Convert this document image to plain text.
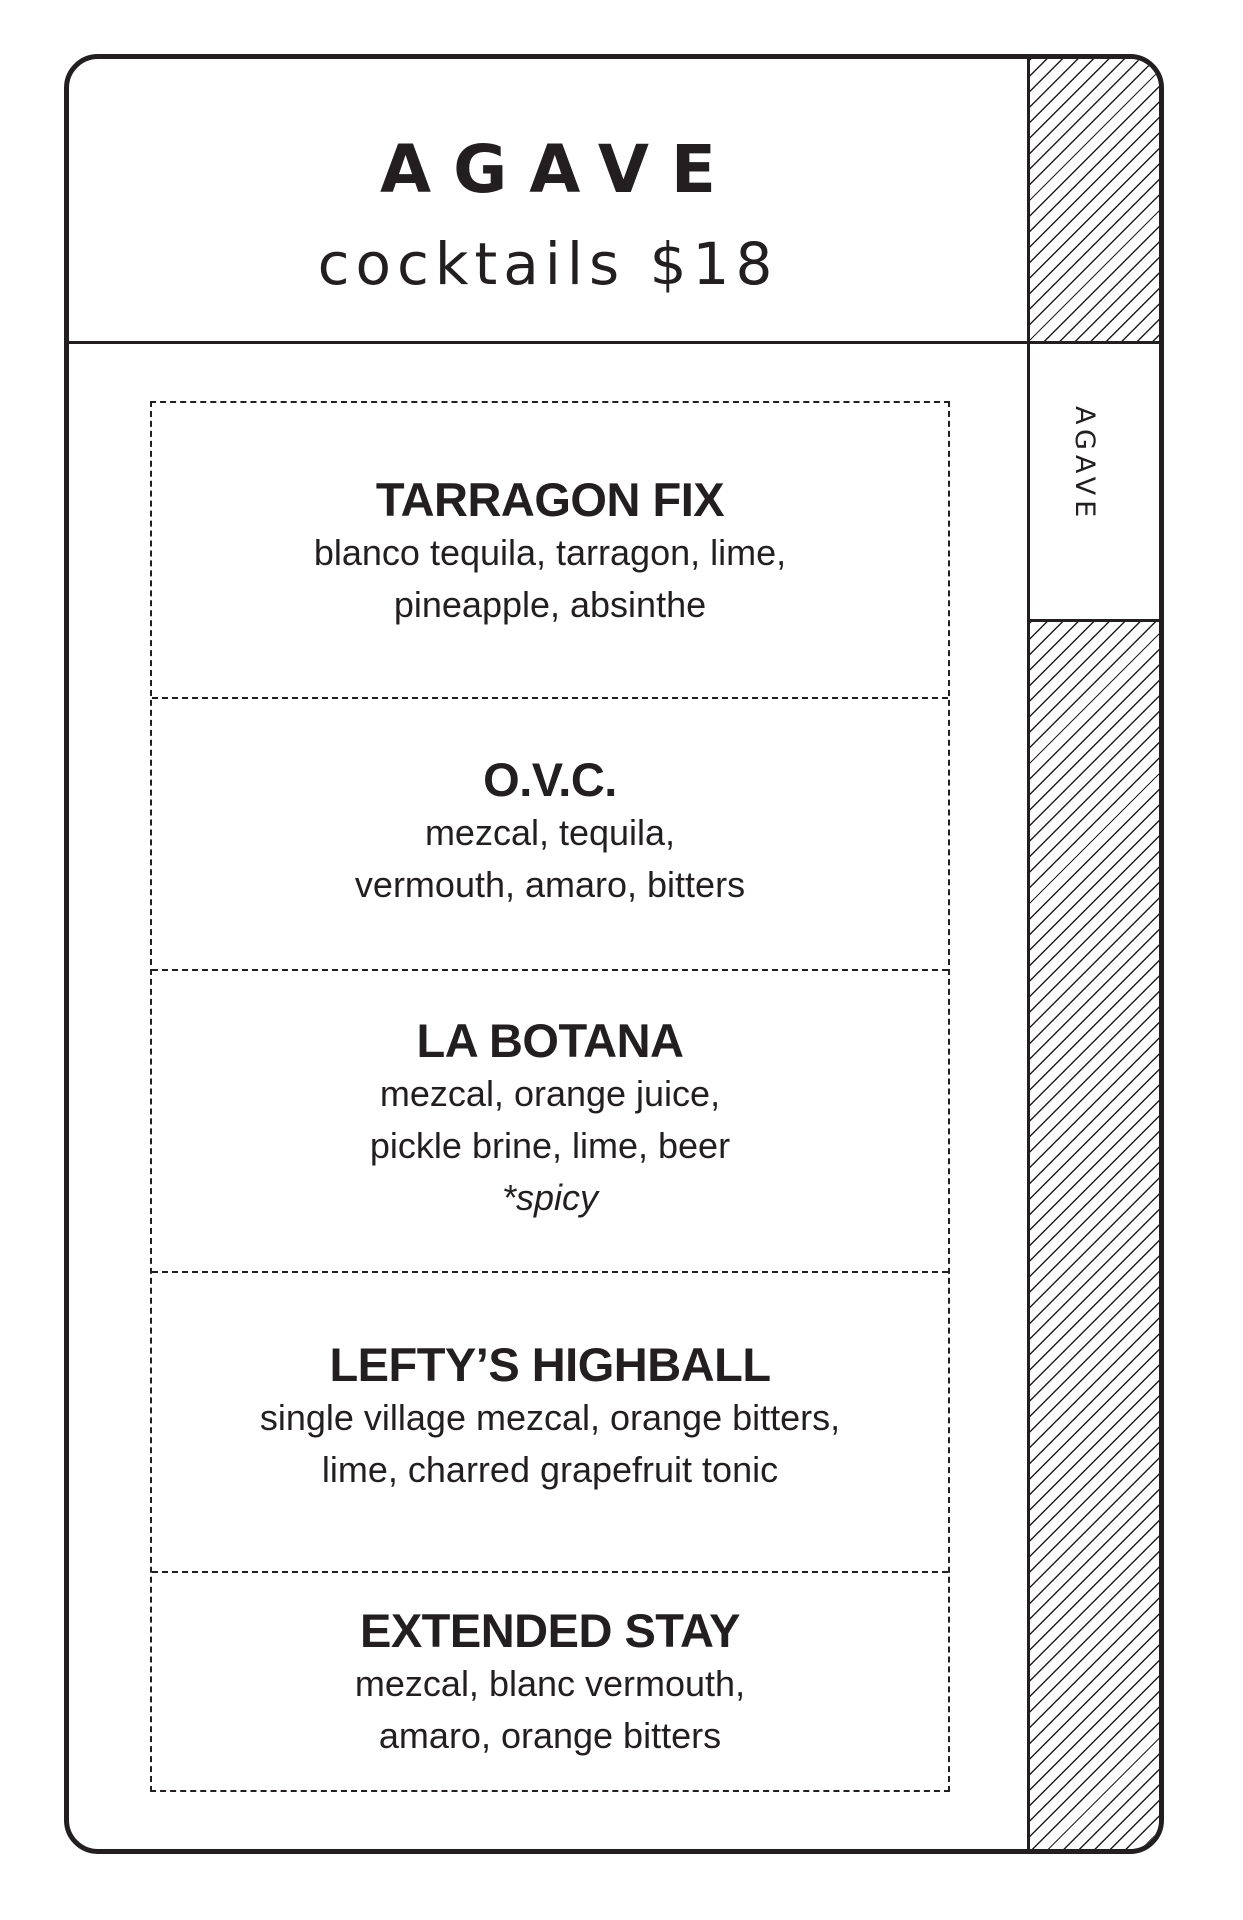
AGAVE
cocktails $18
AGAVE
TARRAGON FIX
blanco tequila, tarragon, lime,
pineapple, absinthe
O.V.C.
mezcal, tequila,
vermouth, amaro, bitters
LA BOTANA
mezcal, orange juice,
pickle brine, lime, beer
*spicy
LEFTY’S HIGHBALL
single village mezcal, orange bitters,
lime, charred grapefruit tonic
EXTENDED STAY
mezcal, blanc vermouth,
amaro, orange bitters
